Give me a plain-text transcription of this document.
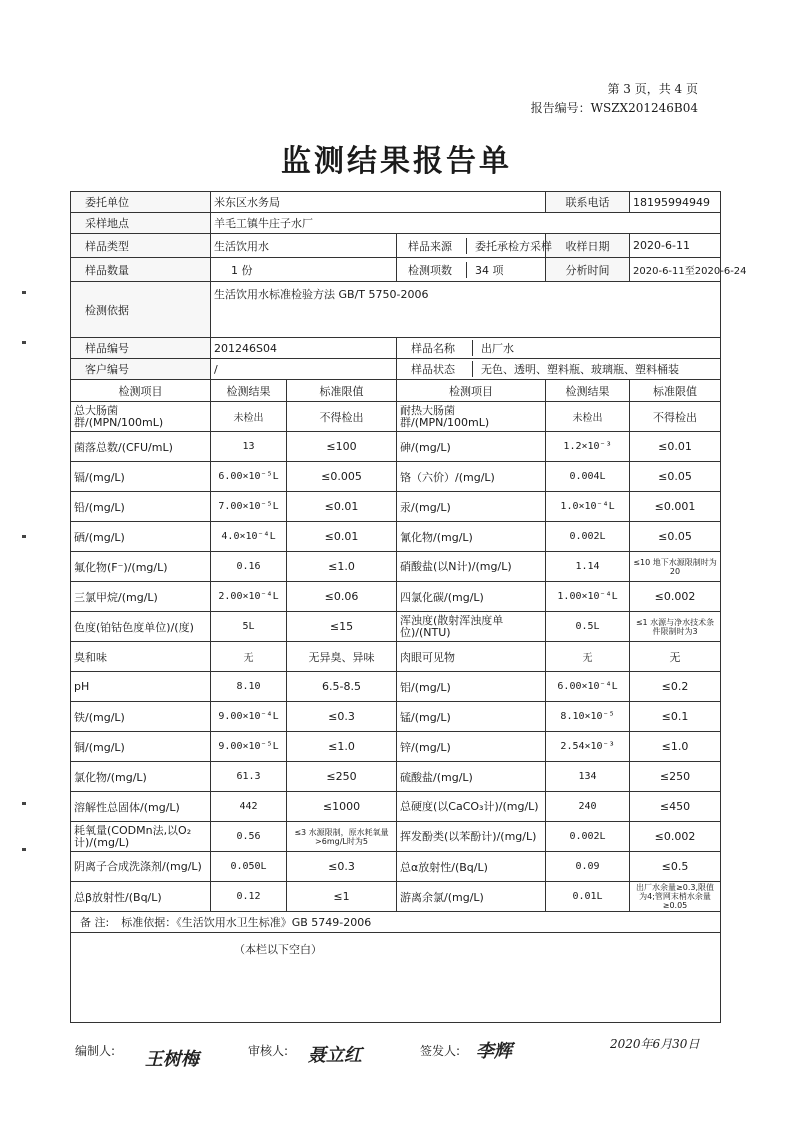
第 3 页，共 4 页
报告编号：WSZX201246B04
监测结果报告单
委托单位	米东区水务局			联系电话	18195994949
采样地点	羊毛工镇牛庄子水厂				
样品类型	生活饮用水		样品来源 委托承检方采样	收样日期	2020-6-11
样品数量	1 份		检测项数 34 项	分析时间	2020-6-11至2020-6-24
检测依据	生活饮用水标准检验方法 GB/T 5750-2006				
样品编号	201246S04		样品名称 出厂水		
客户编号	/		样品状态 无色、透明、塑料瓶、玻璃瓶、塑料桶装		
检测项目	检测结果	标准限值	检测项目	检测结果	标准限值
总大肠菌群/(MPN/100mL)	未检出	不得检出	耐热大肠菌群/(MPN/100mL)	未检出	不得检出
菌落总数/(CFU/mL)	13	≤100	砷/(mg/L)	1.2×10⁻³	≤0.01
镉/(mg/L)	6.00×10⁻⁵L	≤0.005	铬（六价）/(mg/L)	0.004L	≤0.05
铅/(mg/L)	7.00×10⁻⁵L	≤0.01	汞/(mg/L)	1.0×10⁻⁴L	≤0.001
硒/(mg/L)	4.0×10⁻⁴L	≤0.01	氰化物/(mg/L)	0.002L	≤0.05
氟化物(F⁻)/(mg/L)	0.16	≤1.0	硝酸盐(以N计)/(mg/L)	1.14	≤10 地下水源限制时为20
三氯甲烷/(mg/L)	2.00×10⁻⁴L	≤0.06	四氯化碳/(mg/L)	1.00×10⁻⁴L	≤0.002
色度(铂钴色度单位)/(度)	5L	≤15	浑浊度(散射浑浊度单位)/(NTU)	0.5L	≤1 水源与净水技术条件限制时为3
臭和味	无	无异臭、异味	肉眼可见物	无	无
pH	8.10	6.5-8.5	铝/(mg/L)	6.00×10⁻⁴L	≤0.2
铁/(mg/L)	9.00×10⁻⁴L	≤0.3	锰/(mg/L)	8.10×10⁻⁵	≤0.1
铜/(mg/L)	9.00×10⁻⁵L	≤1.0	锌/(mg/L)	2.54×10⁻³	≤1.0
氯化物/(mg/L)	61.3	≤250	硫酸盐/(mg/L)	134	≤250
溶解性总固体/(mg/L)	442	≤1000	总硬度(以CaCO₃计)/(mg/L)	240	≤450
耗氧量(CODMn法,以O₂计)/(mg/L)	0.56	≤3 水源限制，原水耗氧量>6mg/L时为5	挥发酚类(以苯酚计)/(mg/L)	0.002L	≤0.002
阴离子合成洗涤剂/(mg/L)	0.050L	≤0.3	总α放射性/(Bq/L)	0.09	≤0.5
总β放射性/(Bq/L)	0.12	≤1	游离余氯/(mg/L)	0.01L	出厂水余量≥0.3,限值为4;管网末梢水余量≥0.05
备 注: 标准依据：《生活饮用水卫生标准》GB 5749-2006					
（本栏以下空白）					
编制人: 王树梅	审核人: 聂立红	签发人: 李辉	2020年6月30日
